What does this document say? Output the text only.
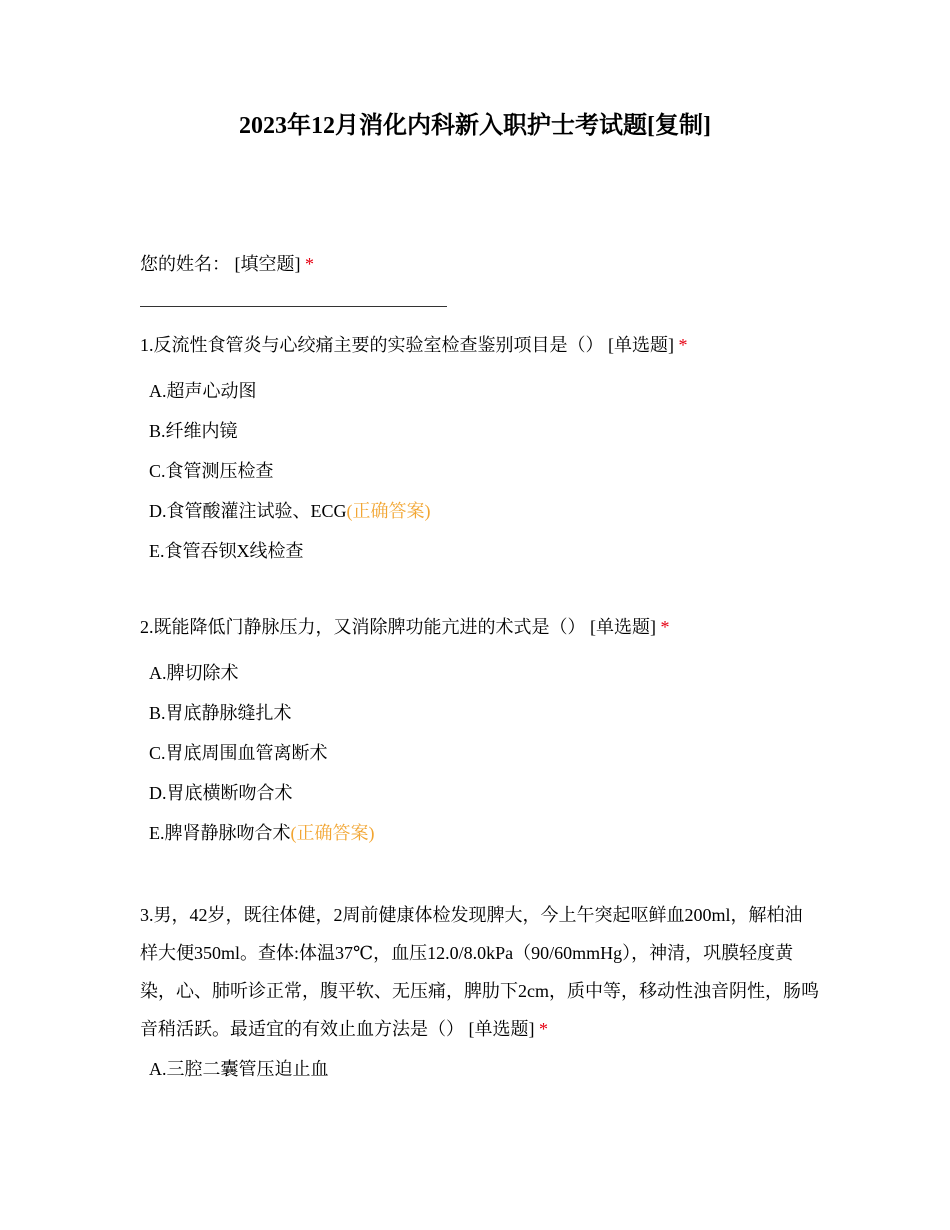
2023年12月消化内科新入职护士考试题[复制]
您的姓名： [填空题] *
1.反流性食管炎与心绞痛主要的实验室检查鉴别项目是（） [单选题] *
A.超声心动图
B.纤维内镜
C.食管测压检查
D.食管酸灌注试验、ECG(正确答案)
E.食管吞钡X线检查
2.既能降低门静脉压力，又消除脾功能亢进的术式是（） [单选题] *
A.脾切除术
B.胃底静脉缝扎术
C.胃底周围血管离断术
D.胃底横断吻合术
E.脾肾静脉吻合术(正确答案)
3.男，42岁，既往体健，2周前健康体检发现脾大，今上午突起呕鲜血200ml，解柏油样大便350ml。查体:体温37℃，血压12.0/8.0kPa（90/60mmHg），神清，巩膜轻度黄染，心、肺听诊正常，腹平软、无压痛，脾肋下2cm，质中等，移动性浊音阴性，肠鸣音稍活跃。最适宜的有效止血方法是（） [单选题] *
A.三腔二囊管压迫止血
